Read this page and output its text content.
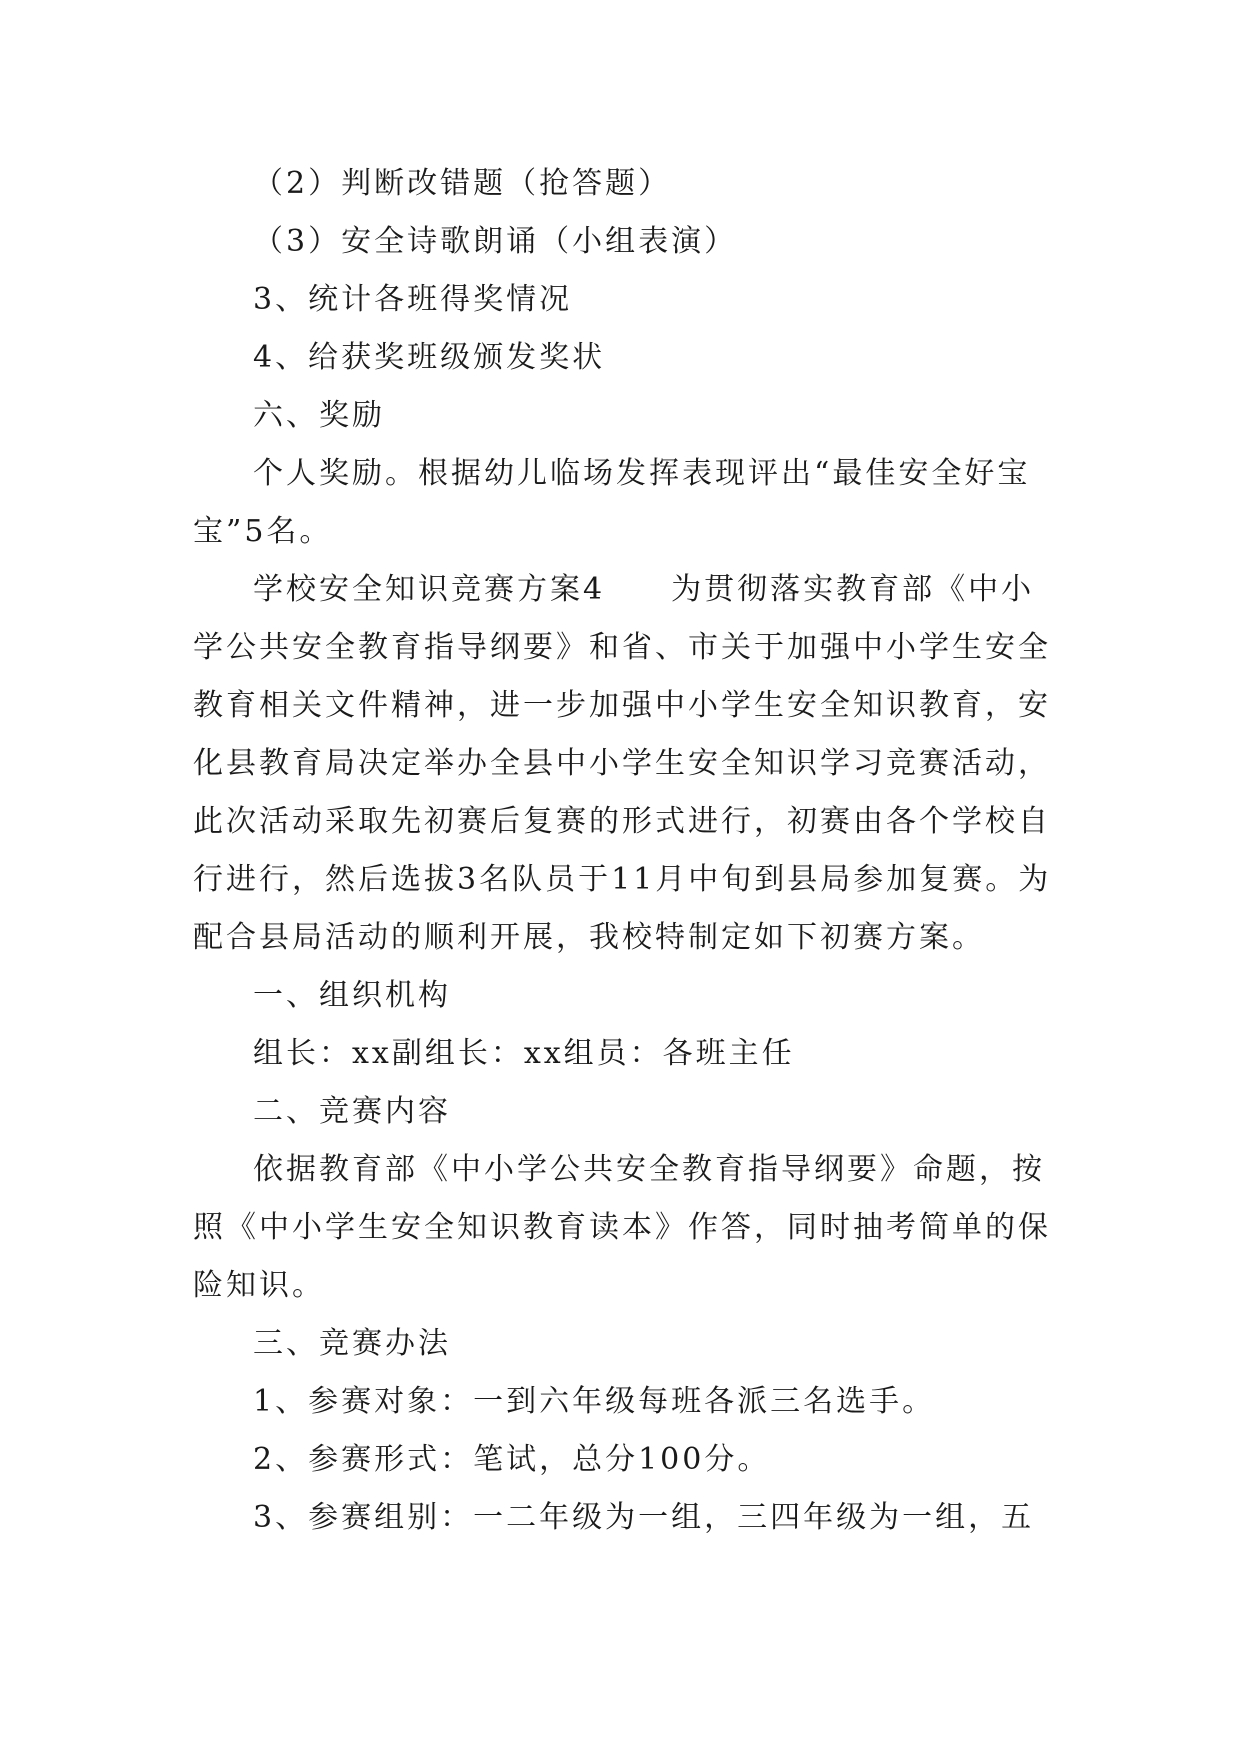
（2）判断改错题（抢答题）

（3）安全诗歌朗诵（小组表演）

3、统计各班得奖情况

4、给获奖班级颁发奖状

六、奖励

个人奖励。根据幼儿临场发挥表现评出“最佳安全好宝宝”5名。

学校安全知识竞赛方案4　　为贯彻落实教育部《中小学公共安全教育指导纲要》和省、市关于加强中小学生安全教育相关文件精神，进一步加强中小学生安全知识教育，安化县教育局决定举办全县中小学生安全知识学习竞赛活动，此次活动采取先初赛后复赛的形式进行，初赛由各个学校自行进行，然后选拔3名队员于11月中旬到县局参加复赛。为配合县局活动的顺利开展，我校特制定如下初赛方案。

一、组织机构

组长：xx副组长：xx组员：各班主任

二、竞赛内容

依据教育部《中小学公共安全教育指导纲要》命题，按照《中小学生安全知识教育读本》作答，同时抽考简单的保险知识。

三、竞赛办法

1、参赛对象：一到六年级每班各派三名选手。

2、参赛形式：笔试，总分100分。

3、参赛组别：一二年级为一组，三四年级为一组，五
